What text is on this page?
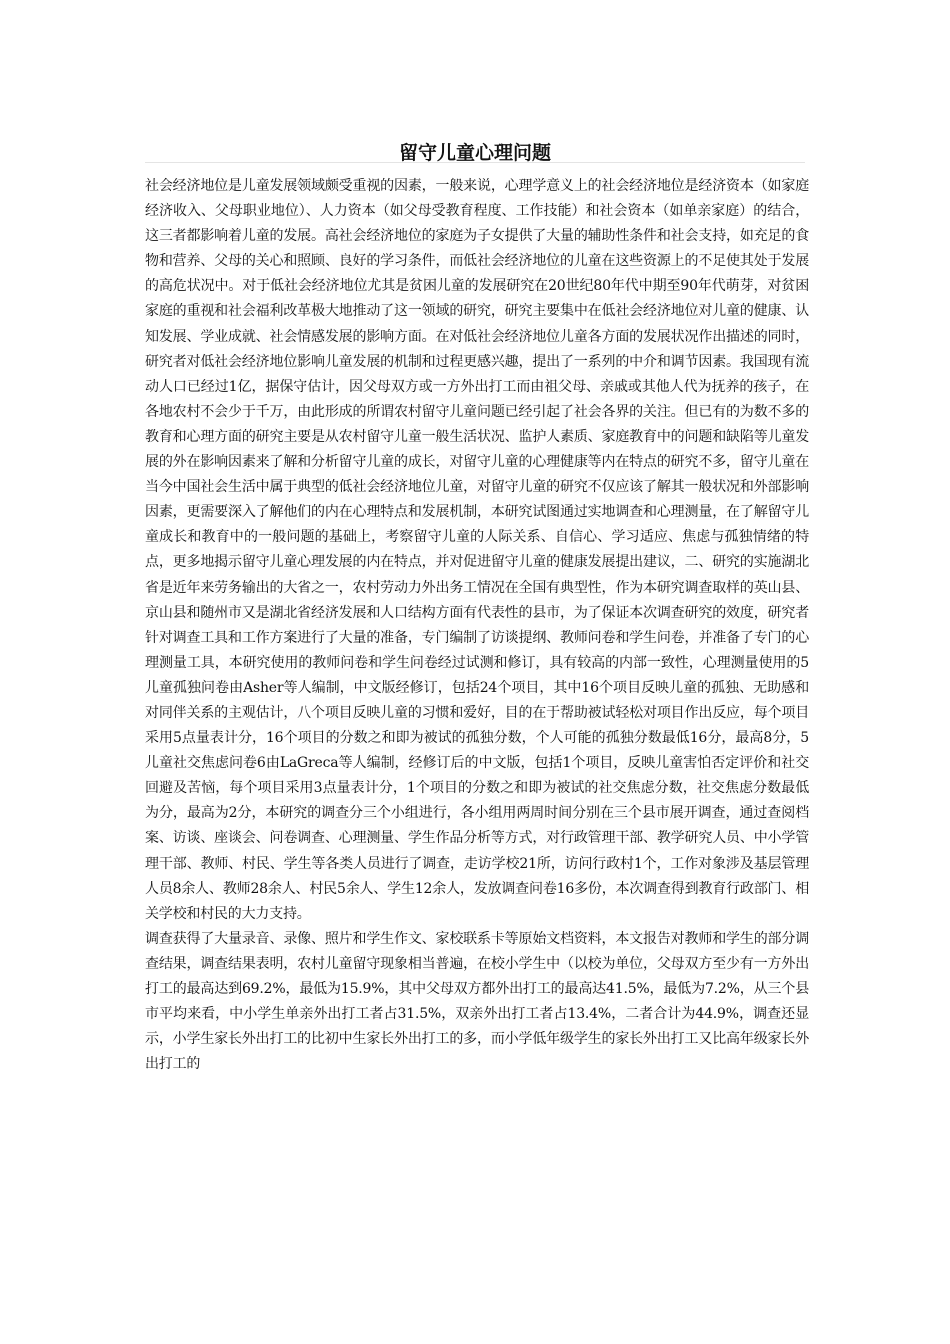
留守儿童心理问题

社会经济地位是儿童发展领域颇受重视的因素，一般来说，心理学意义上的社会经济地位是经济资本（如家庭经济收入、父母职业地位）、人力资本（如父母受教育程度、工作技能）和社会资本（如单亲家庭）的结合，这三者都影响着儿童的发展。高社会经济地位的家庭为子女提供了大量的辅助性条件和社会支持，如充足的食物和营养、父母的关心和照顾、良好的学习条件，而低社会经济地位的儿童在这些资源上的不足使其处于发展的高危状况中。对于低社会经济地位尤其是贫困儿童的发展研究在20世纪80年代中期至90年代萌芽，对贫困家庭的重视和社会福利改革极大地推动了这一领域的研究，研究主要集中在低社会经济地位对儿童的健康、认知发展、学业成就、社会情感发展的影响方面。在对低社会经济地位儿童各方面的发展状况作出描述的同时，研究者对低社会经济地位影响儿童发展的机制和过程更感兴趣，提出了一系列的中介和调节因素。我国现有流动人口已经过1亿，据保守估计，因父母双方或一方外出打工而由祖父母、亲戚或其他人代为抚养的孩子，在各地农村不会少于千万，由此形成的所谓农村留守儿童问题已经引起了社会各界的关注。但已有的为数不多的教育和心理方面的研究主要是从农村留守儿童一般生活状况、监护人素质、家庭教育中的问题和缺陷等儿童发展的外在影响因素来了解和分析留守儿童的成长，对留守儿童的心理健康等内在特点的研究不多，留守儿童在当今中国社会生活中属于典型的低社会经济地位儿童，对留守儿童的研究不仅应该了解其一般状况和外部影响因素，更需要深入了解他们的内在心理特点和发展机制，本研究试图通过实地调查和心理测量，在了解留守儿童成长和教育中的一般问题的基础上，考察留守儿童的人际关系、自信心、学习适应、焦虑与孤独情绪的特点，更多地揭示留守儿童心理发展的内在特点，并对促进留守儿童的健康发展提出建议，二、研究的实施湖北省是近年来劳务输出的大省之一，农村劳动力外出务工情况在全国有典型性，作为本研究调查取样的英山县、京山县和随州市又是湖北省经济发展和人口结构方面有代表性的县市，为了保证本次调查研究的效度，研究者针对调查工具和工作方案进行了大量的准备，专门编制了访谈提纲、教师问卷和学生问卷，并准备了专门的心理测量工具，本研究使用的教师问卷和学生问卷经过试测和修订，具有较高的内部一致性，心理测量使用的5儿童孤独问卷由Asher等人编制，中文版经修订，包括24个项目，其中16个项目反映儿童的孤独、无助感和对同伴关系的主观估计，八个项目反映儿童的习惯和爱好，目的在于帮助被试轻松对项目作出反应，每个项目采用5点量表计分，16个项目的分数之和即为被试的孤独分数，个人可能的孤独分数最低16分，最高8分，5儿童社交焦虑问卷6由LaGreca等人编制，经修订后的中文版，包括1个项目，反映儿童害怕否定评价和社交回避及苦恼，每个项目采用3点量表计分，1个项目的分数之和即为被试的社交焦虑分数，社交焦虑分数最低为分，最高为2分，本研究的调查分三个小组进行，各小组用两周时间分别在三个县市展开调查，通过查阅档案、访谈、座谈会、问卷调查、心理测量、学生作品分析等方式，对行政管理干部、教学研究人员、中小学管理干部、教师、村民、学生等各类人员进行了调查，走访学校21所，访问行政村1个，工作对象涉及基层管理人员8余人、教师28余人、村民5余人、学生12余人，发放调查问卷16多份，本次调查得到教育行政部门、相关学校和村民的大力支持。

调查获得了大量录音、录像、照片和学生作文、家校联系卡等原始文档资料，本文报告对教师和学生的部分调查结果，调查结果表明，农村儿童留守现象相当普遍，在校小学生中（以校为单位，父母双方至少有一方外出打工的最高达到69.2%，最低为15.9%，其中父母双方都外出打工的最高达41.5%，最低为7.2%，从三个县市平均来看，中小学生单亲外出打工者占31.5%，双亲外出打工者占13.4%，二者合计为44.9%，调查还显示，小学生家长外出打工的比初中生家长外出打工的多，而小学低年级学生的家长外出打工又比高年级家长外出打工的
